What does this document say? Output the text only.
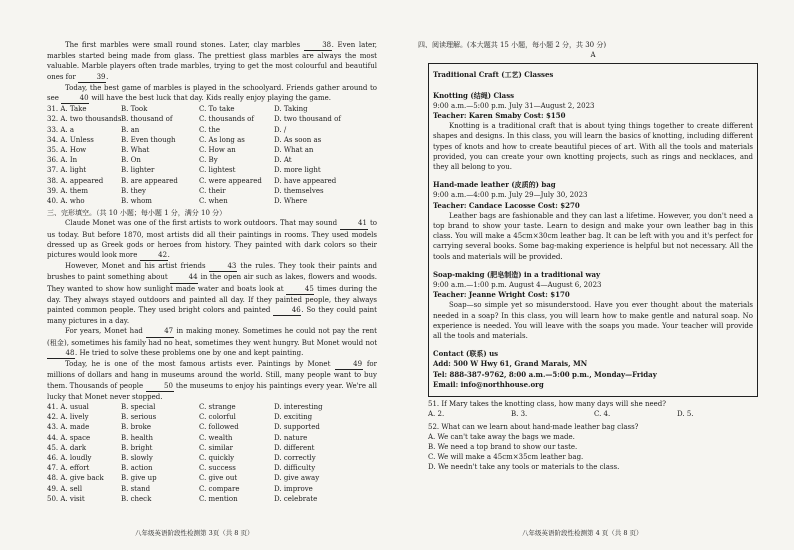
The first marbles were small round stones. Later, clay marbles	38. Even later, marbles started being made from glass. The prettiest glass marbles are always the most valuable. Marble players often trade marbles, trying to get the most colourful and beautiful ones for	39.

Today, the best game of marbles is played in the schoolyard. Friends gather around to see	40 will have the best luck that day. Kids really enjoy playing the game.

31. A. Take	B. Took	C. To take	D. Taking
32. A. two thousands B. thousand of	C. thousands of	D. two thousand of
33. A. a	B. an	C. the	D. /
34. A. Unless	B. Even though	C. As long as	D. As soon as
35. A. How	B. What	C. How an	D. What an
36. A. In	B. On	C. By	D. At
37. A. light	B. lighter	C. lightest	D. more light
38. A. appeared	B. are appeared	C. were appeared	D. have appeared
39. A. them	B. they	C. their	D. themselves
40. A. who	B. whom	C. when	D. Where
三、完形填空。（共 10 小题；每小题 1 分，满分 10 分）

Claude Monet was one of the first artists to work outdoors. That may sound	41 to us today. But before 1870, most artists did all their paintings in rooms. They used models dressed up as Greek gods or heroes from history. They painted with dark colors so their pictures would look more	42.

However, Monet and his artist friends	43 the rules. They took their paints and brushes to paint something about	44 in the open air such as lakes, flowers and woods. They wanted to show how sunlight made water and boats look at	45 times during the day. They always stayed outdoors and painted all day. If they painted people, they always painted common people. They used bright colors and painted	46. So they could paint many pictures in a day.

For years, Monet had	47 in making money. Sometimes he could not pay the rent (租金), sometimes his family had no heat, sometimes they went hungry. But Monet would not 48. He tried to solve these problems one by one and kept painting.

Today, he is one of the most famous artists ever. Paintings by Monet	49 for millions of dollars and hang in museums around the world. Still, many people want to buy them. Thousands of people	50 the museums to enjoy his paintings every year. We're all lucky that Monet never stopped.

41. A. usual	B. special	C. strange	D. interesting
42. A. lively	B. serious	C. colorful	D. exciting
43. A. made	B. broke	C. followed	D. supported
44. A. space	B. health	C. wealth	D. nature
45. A. dark	B. bright	C. similar	D. different
46. A. loudly	B. slowly	C. quickly	D. correctly
47. A. effort	B. action	C. success	D. difficulty
48. A. give back	B. give up	C. give out	D. give away
49. A. sell	B. stand	C. compare	D. improve
50. A. visit	B. check	C. mention	D. celebrate
八年级英语阶段性检测第 3页（共 8 页）
四、阅读理解。(本大题共 15 小题，每小题 2 分，共 30 分)
A
Traditional Craft (工艺) Classes
Knotting (结绳) Class
9:00 a.m.—5:00 p.m. July 31—August 2, 2023
Teacher: Karen Smaby Cost: $150

Knotting is a traditional craft that is about tying things together to create different shapes and designs. In this class, you will learn the basics of knotting, including different types of knots and how to create beautiful pieces of art. With all the tools and materials provided, you can create your own knotting projects, such as rings and necklaces, and they all belong to you.

Hand-made leather (皮质的) bag
9:00 a.m.—4:00 p.m. July 29—July 30, 2023
Teacher: Candace Lacosse Cost: $270

Leather bags are fashionable and they can last a lifetime. However, you don't need a top brand to show your taste. Learn to design and make your own leather bag in this class. You will make a 45cm×30cm leather bag. It can be left with you and it's perfect for carrying several books. Some bag-making experience is helpful but not necessary. All the tools and materials will be provided.

Soap-making (肥皂制造) in a traditional way
9:00 a.m.—1:00 p.m. August 4—August 6, 2023
Teacher: Jeanne Wright Cost: $170

Soap—so simple yet so misunderstood. Have you ever thought about the materials needed in a soap? In this class, you will learn how to make gentle and natural soap. No experience is needed. You will leave with the soaps you made. Your teacher will provide all the tools and materials.

Contact (联系) us
Add: 500 W Hwy 61, Grand Marais, MN
Tel: 888-387-9762, 8:00 a.m.—5:00 p.m., Monday—Friday
Email: info@northhouse.org
51. If Mary takes the knotting class, how many days will she need?
A. 2.	B. 3.	C. 4.	D. 5.
52. What can we learn about hand-made leather bag class?
A. We can't take away the bags we made.
B. We need a top brand to show our taste.
C. We will make a 45cm×35cm leather bag.
D. We needn't take any tools or materials to the class.
八年级英语阶段性检测第 4 页（共 8 页）
